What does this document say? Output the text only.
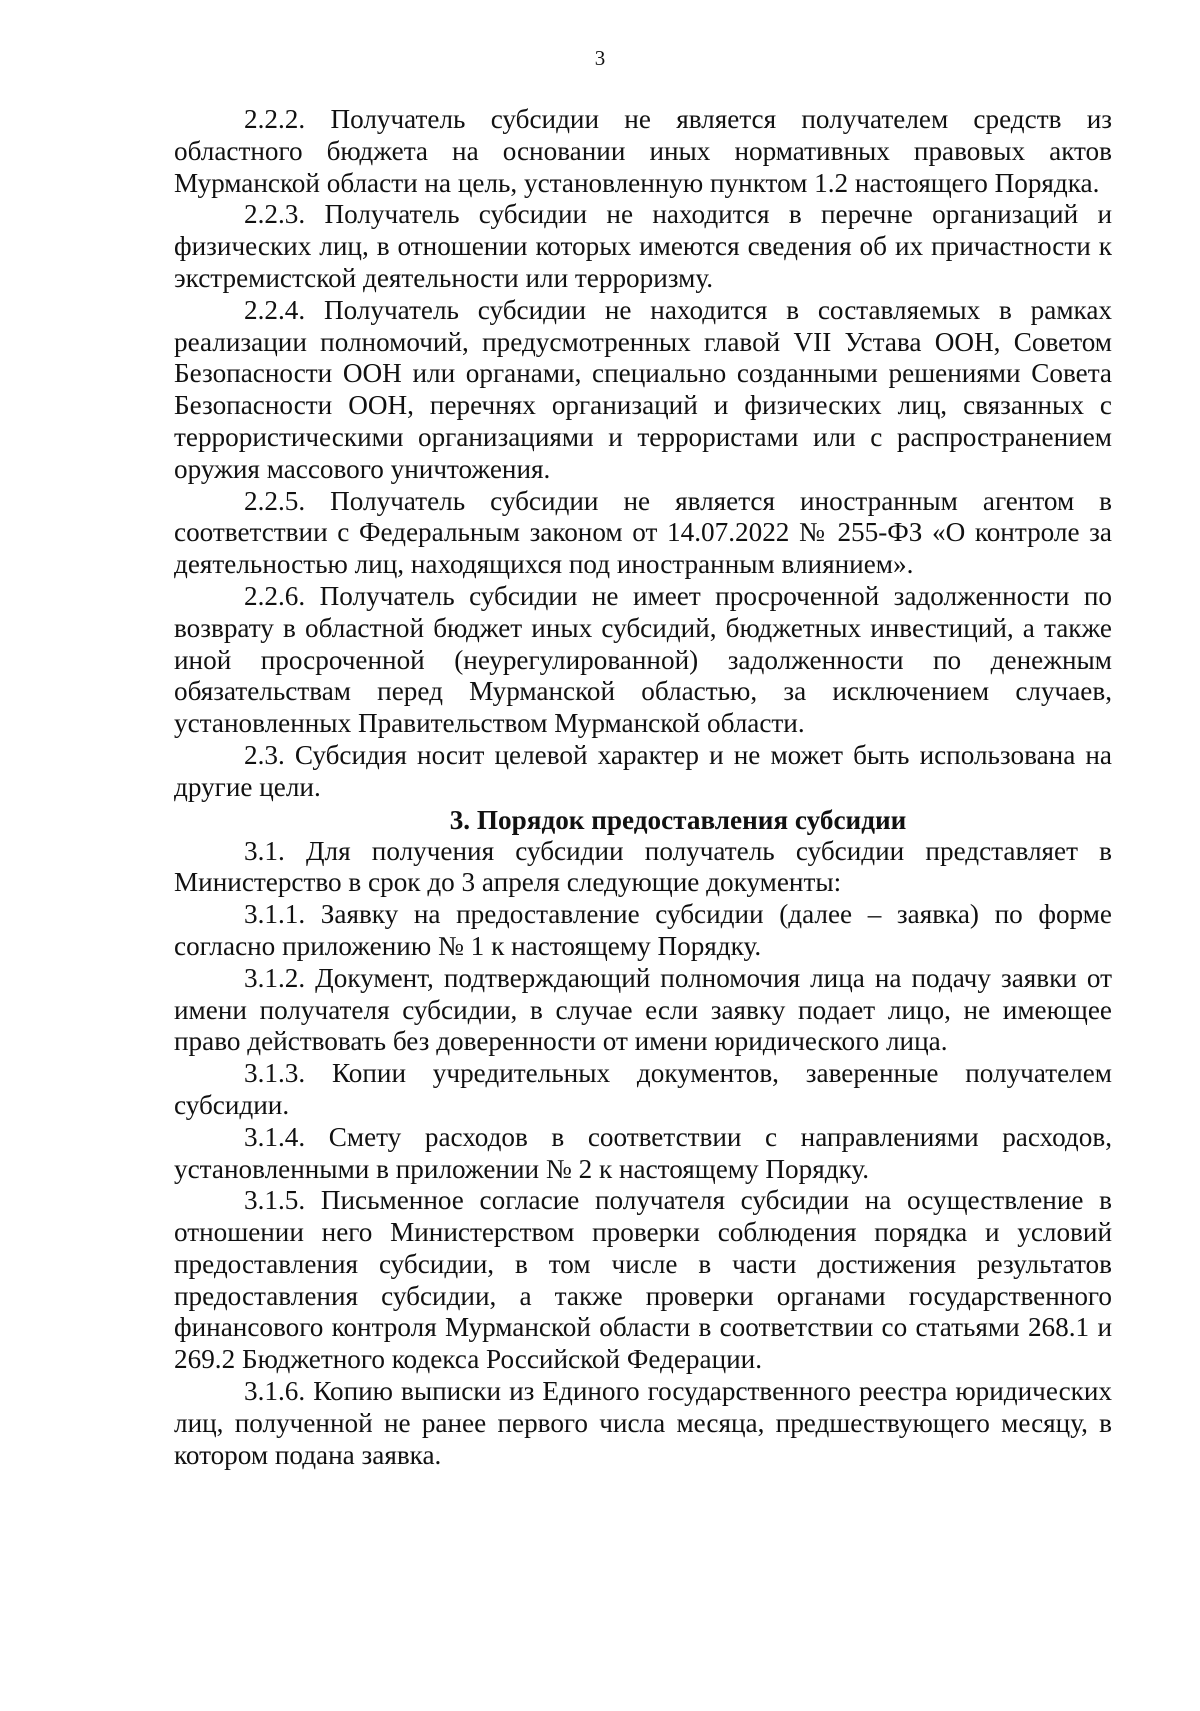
3

2.2.2. Получатель субсидии не является получателем средств из областного бюджета на основании иных нормативных правовых актов Мурманской области на цель, установленную пунктом 1.2 настоящего Порядка.

2.2.3. Получатель субсидии не находится в перечне организаций и физических лиц, в отношении которых имеются сведения об их причастности к экстремистской деятельности или терроризму.

2.2.4. Получатель субсидии не находится в составляемых в рамках реализации полномочий, предусмотренных главой VII Устава ООН, Советом Безопасности ООН или органами, специально созданными решениями Совета Безопасности ООН, перечнях организаций и физических лиц, связанных с террористическими организациями и террористами или с распространением оружия массового уничтожения.

2.2.5. Получатель субсидии не является иностранным агентом в соответствии с Федеральным законом от 14.07.2022 № 255-ФЗ «О контроле за деятельностью лиц, находящихся под иностранным влиянием».

2.2.6. Получатель субсидии не имеет просроченной задолженности по возврату в областной бюджет иных субсидий, бюджетных инвестиций, а также иной просроченной (неурегулированной) задолженности по денежным обязательствам перед Мурманской областью, за исключением случаев, установленных Правительством Мурманской области.

2.3. Субсидия носит целевой характер и не может быть использована на другие цели.

3. Порядок предоставления субсидии

3.1. Для получения субсидии получатель субсидии представляет в Министерство в срок до 3 апреля следующие документы:

3.1.1. Заявку на предоставление субсидии (далее – заявка) по форме согласно приложению № 1 к настоящему Порядку.

3.1.2. Документ, подтверждающий полномочия лица на подачу заявки от имени получателя субсидии, в случае если заявку подает лицо, не имеющее право действовать без доверенности от имени юридического лица.

3.1.3. Копии учредительных документов, заверенные получателем субсидии.

3.1.4. Смету расходов в соответствии с направлениями расходов, установленными в приложении № 2 к настоящему Порядку.

3.1.5. Письменное согласие получателя субсидии на осуществление в отношении него Министерством проверки соблюдения порядка и условий предоставления субсидии, в том числе в части достижения результатов предоставления субсидии, а также проверки органами государственного финансового контроля Мурманской области в соответствии со статьями 268.1 и 269.2 Бюджетного кодекса Российской Федерации.

3.1.6. Копию выписки из Единого государственного реестра юридических лиц, полученной не ранее первого числа месяца, предшествующего месяцу, в котором подана заявка.
